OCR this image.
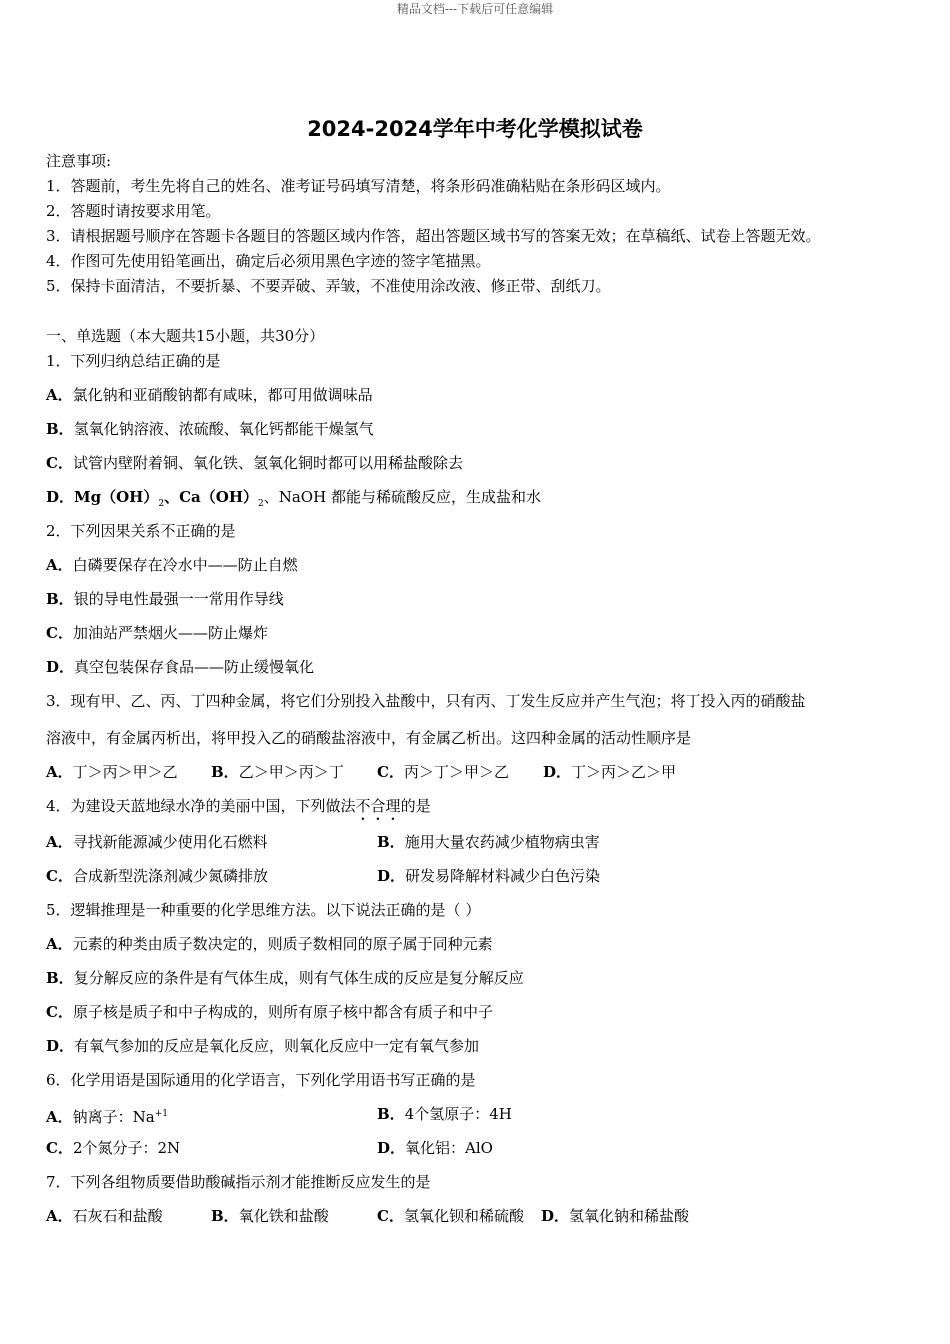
精品文档---下载后可任意编辑
2024-2024学年中考化学模拟试卷
注意事项:
1．答题前，考生先将自己的姓名、准考证号码填写清楚，将条形码准确粘贴在条形码区域内。
2．答题时请按要求用笔。
3．请根据题号顺序在答题卡各题目的答题区域内作答，超出答题区域书写的答案无效；在草稿纸、试卷上答题无效。
4．作图可先使用铅笔画出，确定后必须用黑色字迹的签字笔描黑。
5．保持卡面清洁，不要折暴、不要弄破、弄皱，不准使用涂改液、修正带、刮纸刀。
一、单选题（本大题共15小题，共30分）
1．下列归纳总结正确的是
A．氯化钠和亚硝酸钠都有咸味，都可用做调味品
B．氢氧化钠溶液、浓硫酸、氧化钙都能干燥氢气
C．试管内壁附着铜、氧化铁、氢氧化铜时都可以用稀盐酸除去
D．$Mg(OH)_2$、$Ca(OH)_2$、NaOH 都能与稀硫酸反应，生成盐和水
2．下列因果关系不正确的是
A．白磷要保存在冷水中——防止自燃
B．银的导电性最强一一常用作导线
C．加油站严禁烟火——防止爆炸
D．真空包装保存食品——防止缓慢氧化
3．现有甲、乙、丙、丁四种金属，将它们分别投入盐酸中，只有丙、丁发生反应并产生气泡；将丁投入丙的硝酸盐
溶液中，有金属丙析出，将甲投入乙的硝酸盐溶液中，有金属乙析出。这四种金属的活动性顺序是
A．丁＞丙＞甲＞乙 B．乙＞甲＞丙＞丁 C．丙＞丁＞甲＞乙 D．丁＞丙＞乙＞甲
4．为建设天蓝地绿水净的美丽中国，下列做法不合理的是
A．寻找新能源减少使用化石燃料	B．施用大量农药减少植物病虫害
C．合成新型洗涤剂减少氮磷排放	D．研发易降解材料减少白色污染
5．逻辑推理是一种重要的化学思维方法。以下说法正确的是（ ）
A．元素的种类由质子数决定的，则质子数相同的原子属于同种元素
B．复分解反应的条件是有气体生成，则有气体生成的反应是复分解反应
C．原子核是质子和中子构成的，则所有原子核中都含有质子和中子
D．有氧气参加的反应是氧化反应，则氧化反应中一定有氧气参加
6．化学用语是国际通用的化学语言，下列化学用语书写正确的是
A．钠离子：$Na^{+1}$	B．4个氢原子：4H
C．2个氮分子：2N	D．氧化铝：AlO
7．下列各组物质要借助酸碱指示剂才能推断反应发生的是
A．石灰石和盐酸	B．氧化铁和盐酸	C．氢氧化钡和稀硫酸 D．氢氧化钠和稀盐酸
